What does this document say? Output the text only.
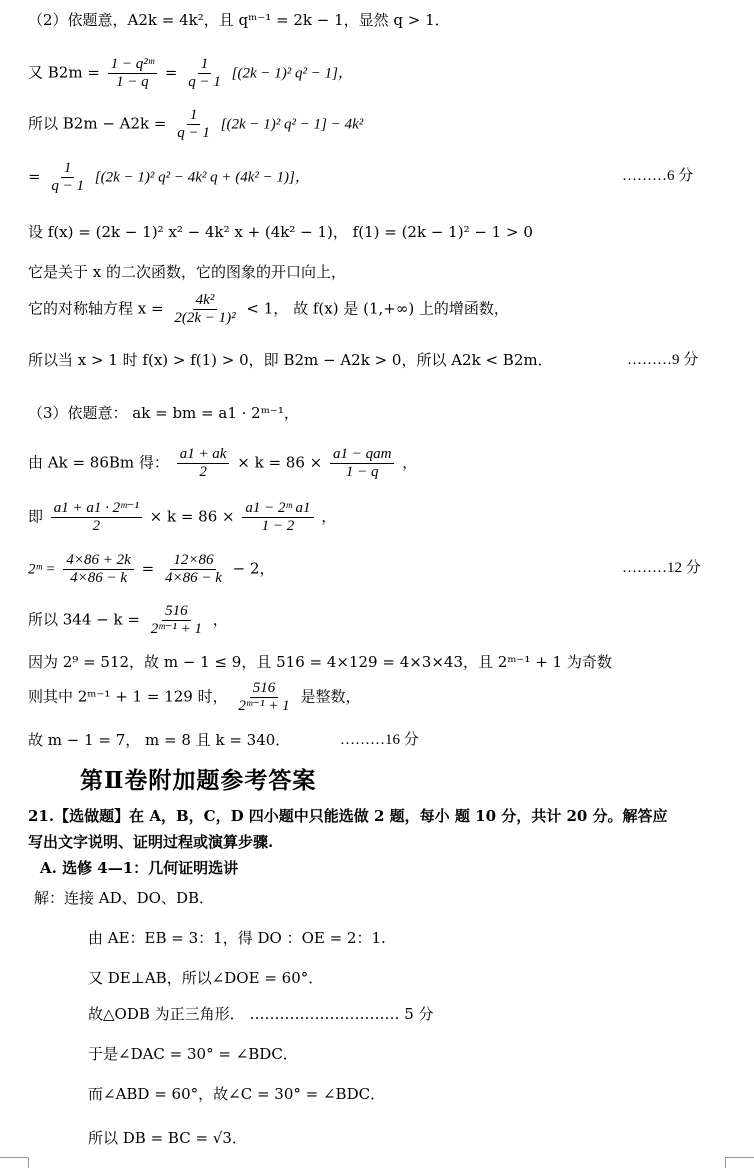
（2）依题意，A2k = 4k²，且 qᵐ⁻¹ = 2k − 1，显然 q > 1．
又 $B2m = \frac{\text{1 − q²ᵐ}}{1 - q} = \frac{1}{q - 1} [(2k - 1)^2$ q² − 1]，
所以 $B2m - A2k = \frac{1}{q - 1} [(2k - 1)^2$ q² − 1] − 4k²
= $\frac{1}{q - 1} [(2k - 1)^2$ q² − 4k² q + (4k² − 1)]，	………6 分
设 f(x) = (2k − 1)² x² − 4k² x + (4k² − 1)， f(1) = (2k − 1)² − 1 > 0
它是关于 x 的二次函数，它的图象的开口向上，
它的对称轴方程 $x = \frac{\text{4k²}}{\text{2(2k − 1)²}} < 1$， 故 f(x) 是 (1,+∞) 上的增函数，
所以当 x > 1 时 f(x) > f(1) > 0，即 B2m − A2k > 0，所以 A2k < B2m．	………9 分
（3）依题意： ak = bm = a1 · 2ᵐ⁻¹，
由 Ak = 86Bm 得： $\frac{a1 + ak}{2} \times k = 86 \times \frac{\text{a1 − qam}}{1 - q}$ ，
即 $\frac{\text{a1 + a1 · 2ᵐ⁻¹}}{2} \times k = 86 \times \frac{\text{a1 − 2ᵐ a1}}{1 - 2}$ ，
2ᵐ = $\frac{4\times 86 + 2k}{4\times 86 - k} = \frac{12\times 86}{4\times 86 - k} - 2$，	………12 分
所以 $344 - k = \frac{516}{\text{2ᵐ⁻¹ + 1}}$ ，
因为 2⁹ = 512，故 m − 1 ≤ 9，且 516 = 4×129 = 4×3×43，且 2ᵐ⁻¹ + 1 为奇数
则其中 2ᵐ⁻¹ + 1 = 129 时， $\frac{516}{\text{2ᵐ⁻¹ + 1}}$ 是整数，
故 m − 1 = 7， m = 8 且 k = 340．	………16 分
第Ⅱ卷附加题参考答案
21.【选做题】在 A，B，C，D 四小题中只能选做 2 题，每小 题 10 分，共计 20 分。解答应
写出文字说明、证明过程或演算步骤.
A. 选修 4—1：几何证明选讲
解：连接 AD、DO、DB．
由 AE：EB = 3：1，得 DO ：OE = 2：1.
又 DE⊥AB，所以∠DOE = 60°．
故△ODB 为正三角形． ………………………… 5 分
于是∠DAC = 30° = ∠BDC．
而∠ABD = 60°，故∠C = 30° = ∠BDC．
所以 DB = BC = √3．
